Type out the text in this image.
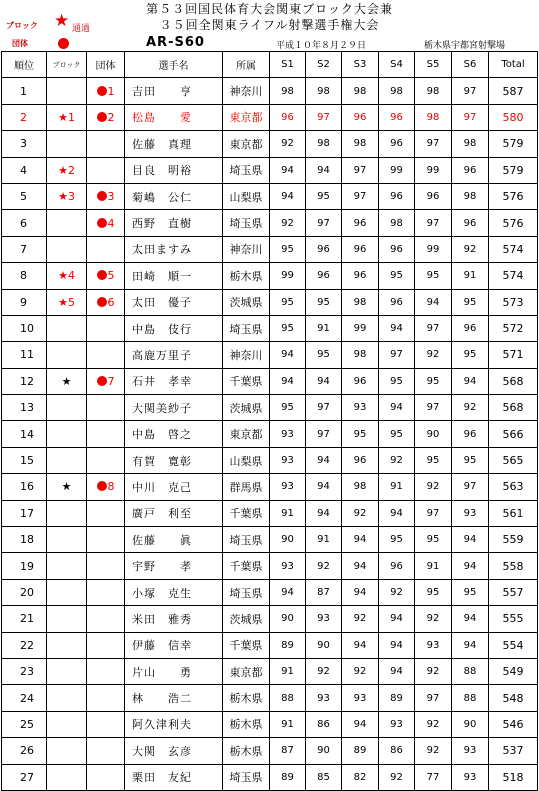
第５３回国民体育大会関東ブロック大会兼
３５回全関東ライフル射撃選手権大会
ブロック ★ 通過
団体	AR-S60	平成１０年８月２９日	栃木県宇都宮射撃場
順位	ブロック	団体	選手名	所属	S1	S2	S3	S4	S5	S6	Total
1		1	吉田　　亨	神奈川	98	98	98	98	98	97	587
2	★1	2	松島　　愛	東京都	96	97	96	96	98	97	580
3			佐藤　真理	東京都	92	98	98	96	97	98	579
4	★2		目良　明裕	埼玉県	94	94	97	99	99	96	579
5	★3	3	菊嶋　公仁	山梨県	94	95	97	96	96	98	576
6		4	西野　直樹	埼玉県	92	97	96	98	97	96	576
7			太田ますみ	神奈川	95	96	96	96	99	92	574
8	★4	5	田崎　順一	栃木県	99	96	96	95	95	91	574
9	★5	6	太田　優子	茨城県	95	95	98	96	94	95	573
10			中島　伎行	埼玉県	95	91	99	94	97	96	572
11			高鹿万里子	神奈川	94	95	98	97	92	95	571
12	★	7	石井　孝幸	千葉県	94	94	96	95	95	94	568
13			大関美紗子	茨城県	95	97	93	94	97	92	568
14			中島　啓之	東京都	93	97	95	95	90	96	566
15			有賀　寛彰	山梨県	93	94	96	92	95	95	565
16	★	8	中川　克己	群馬県	93	94	98	91	92	97	563
17			廣戸　利至	千葉県	91	94	92	94	97	93	561
18			佐藤　　眞	埼玉県	90	91	94	95	95	94	559
19			宇野　　孝	千葉県	93	92	94	96	91	94	558
20			小塚　克生	埼玉県	94	87	94	92	95	95	557
21			米田　雅秀	茨城県	90	93	92	94	92	94	555
22			伊藤　信幸	千葉県	89	90	94	94	93	94	554
23			片山　　勇	東京都	91	92	92	94	92	88	549
24			林　　浩二	栃木県	88	93	93	89	97	88	548
25			阿久津利夫	栃木県	91	86	94	93	92	90	546
26			大関　玄彦	栃木県	87	90	89	86	92	93	537
27			栗田　友紀	埼玉県	89	85	82	92	77	93	518
